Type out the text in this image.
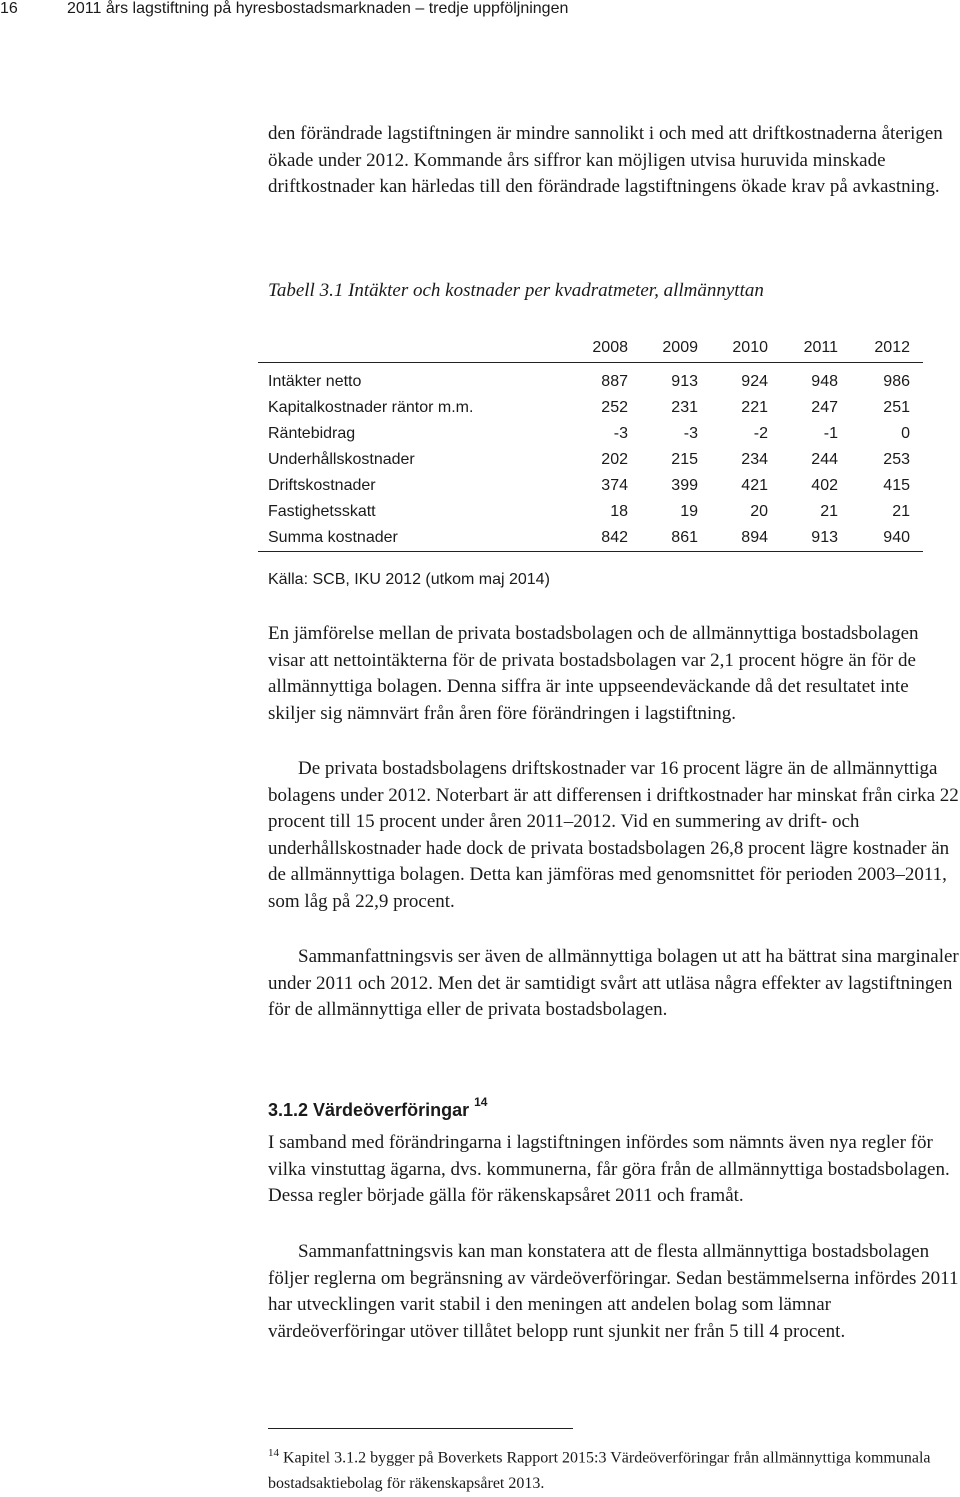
16	2011 års lagstiftning på hyresbostadsmarknaden – tredje uppföljningen

den förändrade lagstiftningen är mindre sannolikt i och med att driftkostnaderna återigen ökade under 2012. Kommande års siffror kan möjligen utvisa huruvida minskade driftkostnader kan härledas till den förändrade lagstiftningens ökade krav på avkastning.

Tabell 3.1 Intäkter och kostnader per kvadratmeter, allmännyttan
	2008	2009	2010	2011	2012
Intäkter netto	887	913	924	948	986
Kapitalkostnader räntor m.m.	252	231	221	247	251
Räntebidrag	-3	-3	-2	-1	0
Underhållskostnader	202	215	234	244	253
Driftskostnader	374	399	421	402	415
Fastighetsskatt	18	19	20	21	21
Summa kostnader	842	861	894	913	940
Källa: SCB, IKU 2012 (utkom maj 2014)

En jämförelse mellan de privata bostadsbolagen och de allmännyttiga bostadsbolagen visar att nettointäkterna för de privata bostadsbolagen var 2,1 procent högre än för de allmännyttiga bolagen. Denna siffra är inte uppseendeväckande då det resultatet inte skiljer sig nämnvärt från åren före förändringen i lagstiftning.

De privata bostadsbolagens driftskostnader var 16 procent lägre än de allmännyttiga bolagens under 2012. Noterbart är att differensen i driftkostnader har minskat från cirka 22 procent till 15 procent under åren 2011–2012. Vid en summering av drift- och underhållskostnader hade dock de privata bostadsbolagen 26,8 procent lägre kostnader än de allmännyttiga bolagen. Detta kan jämföras med genomsnittet för perioden 2003–2011, som låg på 22,9 procent.

Sammanfattningsvis ser även de allmännyttiga bolagen ut att ha bättrat sina marginaler under 2011 och 2012. Men det är samtidigt svårt att utläsa några effekter av lagstiftningen för de allmännyttiga eller de privata bostadsbolagen.

3.1.2 Värdeöverföringar $^{14}$

I samband med förändringarna i lagstiftningen infördes som nämnts även nya regler för vilka vinstuttag ägarna, dvs. kommunerna, får göra från de allmännyttiga bostadsbolagen. Dessa regler började gälla för räkenskapsåret 2011 och framåt.

Sammanfattningsvis kan man konstatera att de flesta allmännyttiga bostadsbolagen följer reglerna om begränsning av värdeöverföringar. Sedan bestämmelserna infördes 2011 har utvecklingen varit stabil i den meningen att andelen bolag som lämnar värdeöverföringar utöver tillåtet belopp runt sjunkit ner från 5 till 4 procent.

$^{14}$ Kapitel 3.1.2 bygger på Boverkets Rapport 2015:3 Värdeöverföringar från allmännyttiga kommunala bostadsaktiebolag för räkenskapsåret 2013.
